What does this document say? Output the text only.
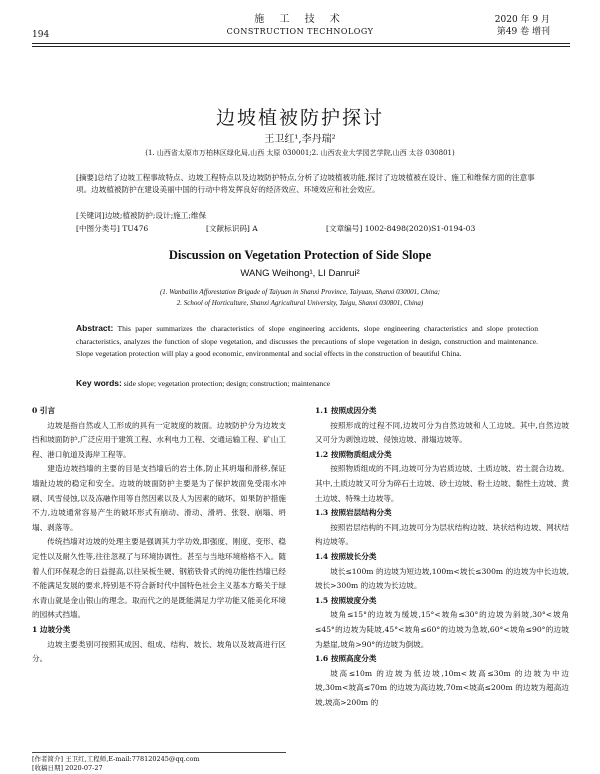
194
施 工 技 术
CONSTRUCTION TECHNOLOGY
2020 年 9 月
第49 卷 增刊
边坡植被防护探讨
王卫红¹,李丹瑞²
(1. 山西省太原市万柏林区绿化局,山西 太原 030001;2. 山西农业大学园艺学院,山西 太谷 030801)
[摘要]总结了边坡工程事故特点、边坡工程特点以及边坡防护特点,分析了边坡植被功能,探讨了边坡植被在设计、施工和维保方面的注意事项。边坡植被防护在建设美丽中国的行动中将发挥良好的经济效应、环境效应和社会效应。
[关键词]边坡;植被防护;设计;施工;维保
[中图分类号] TU476	[文献标识码] A	[文章编号] 1002-8498(2020)S1-0194-03
Discussion on Vegetation Protection of Side Slope
WANG Weihong¹, LI Danrui²
(1. Wanbailin Afforestation Brigade of Taiyuan in Shanxi Province, Taiyuan, Shanxi 030001, China;
2. School of Horticulture, Shanxi Agricultural University, Taigu, Shanxi 030801, China)
Abstract: This paper summarizes the characteristics of slope engineering accidents, slope engineering characteristics and slope protection characteristics, analyzes the function of slope vegetation, and discusses the precautions of slope vegetation in design, construction and maintenance. Slope vegetation protection will play a good economic, environmental and social effects in the construction of beautiful China.
Key words: side slope; vegetation protection; design; construction; maintenance

0 引言

边坡是指自然或人工形成的具有一定坡度的坡面。边坡防护分为边坡支挡和坡面防护,广泛应用于建筑工程、水利电力工程、交通运输工程、矿山工程、港口航道及海岸工程等。

建造边坡挡墙的主要的目是支挡墙后的岩土体,防止其坍塌和滑移,保证墙趾边坡的稳定和安全。边坡的坡面防护主要是为了保护坡面免受雨水冲刷、风雪侵蚀,以及冻融作用等自然因素以及人为因素的破坏。如果防护措施不力,边坡通常容易产生的破坏形式有崩动、滑动、滑坍、张裂、崩塌、坍塌、剥落等。

传统挡墙对边坡的处理主要是强调其力学功效,即强度、刚度、变形、稳定性以及耐久性等,往往忽视了与环境协调性。甚至与当地环境格格不入。随着人们环保观念的日益提高,以往呆板生硬、钢筋铁骨式的纯功能性挡墙已经不能满足发展的要求,特别是不符合新时代中国特色社会主义基本方略关于绿水青山就是金山银山的理念。取而代之的是既能满足力学功能又能美化环境的园林式挡墙。

1 边坡分类

边坡主要类别可按照其成因、组成、结构、坡长、坡角以及坡高进行区分。

1.1 按照成因分类

按照形成的过程不同,边坡可分为自然边坡和人工边坡。其中,自然边坡又可分为剥蚀边坡、侵蚀边坡、滑塌边坡等。

1.2 按照物质组成分类

按照物质组成的不同,边坡可分为岩质边坡、土质边坡、岩土混合边坡。其中,土质边坡又可分为碎石土边坡、砂土边坡、粉土边坡、黏性土边坡、黄土边坡、特殊土边坡等。

1.3 按照岩层结构分类

按照岩层结构的不同,边坡可分为层状结构边坡、块状结构边坡、网状结构边坡等。

1.4 按照坡长分类

坡长≤100m 的边坡为短边坡,100m<坡长≤300m 的边坡为中长边坡,坡长>300m 的边坡为长边坡。

1.5 按照坡度分类

坡角≤15°的边坡为缓坡,15°<坡角≤30°的边坡为斜坡,30°<坡角≤45°的边坡为陡坡,45°<坡角≤60°的边坡为急坡,60°<坡角≤90°的边坡为悬崖,坡角>90°的边坡为倒坡。

1.6 按照高度分类

坡高≤10m 的边坡为低边坡,10m<坡高≤30m 的边坡为中边坡,30m<坡高≤70m 的边坡为高边坡,70m<坡高≤200m 的边坡为超高边坡,坡高>200m 的

[作者简介] 王卫红,工程师,E-mail:778120245@qq.com
[收稿日期] 2020-07-27
